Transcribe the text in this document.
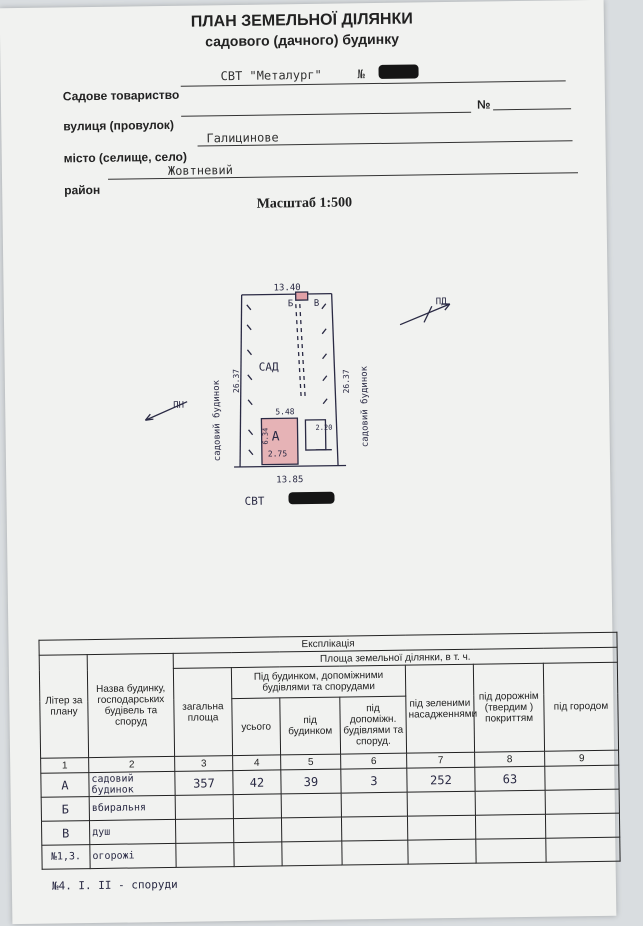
ПЛАН ЗЕМЕЛЬНОЇ ДІЛЯНКИ
садового (дачного) будинку
Садове товариство
СВТ "Металург"	№
вулиця (провулок)
№
місто (селище, село)
Галицинове
район
Жовтневий
Масштаб 1:500
13.40
Б В
САД
5.48
А
2.75
2.20
13.85
ПН
ПД
СВТ
26.37
6.34
26.37
садовий будинок	садовий будинок
Експлікація								
Літер за плану	Назва будинку, господарських будівель та споруд	Площа земельної ділянки, в т. ч.						
		загальна площа	Під будинком, допоміжними будівлями та спорудами			під зеленими насадженнями	під дорожнім (твердим ) покриттям	під городом
			усього	під будинком	під допоміжн. будівлями та споруд.			
1	2	3	4	5	6	7	8	9
А	садовий будинок	357	42	39	3	252	63	
Б	вбиральня							
В	душ							
№1,3.	огорожі							
№4. І. ІІ - споруди
